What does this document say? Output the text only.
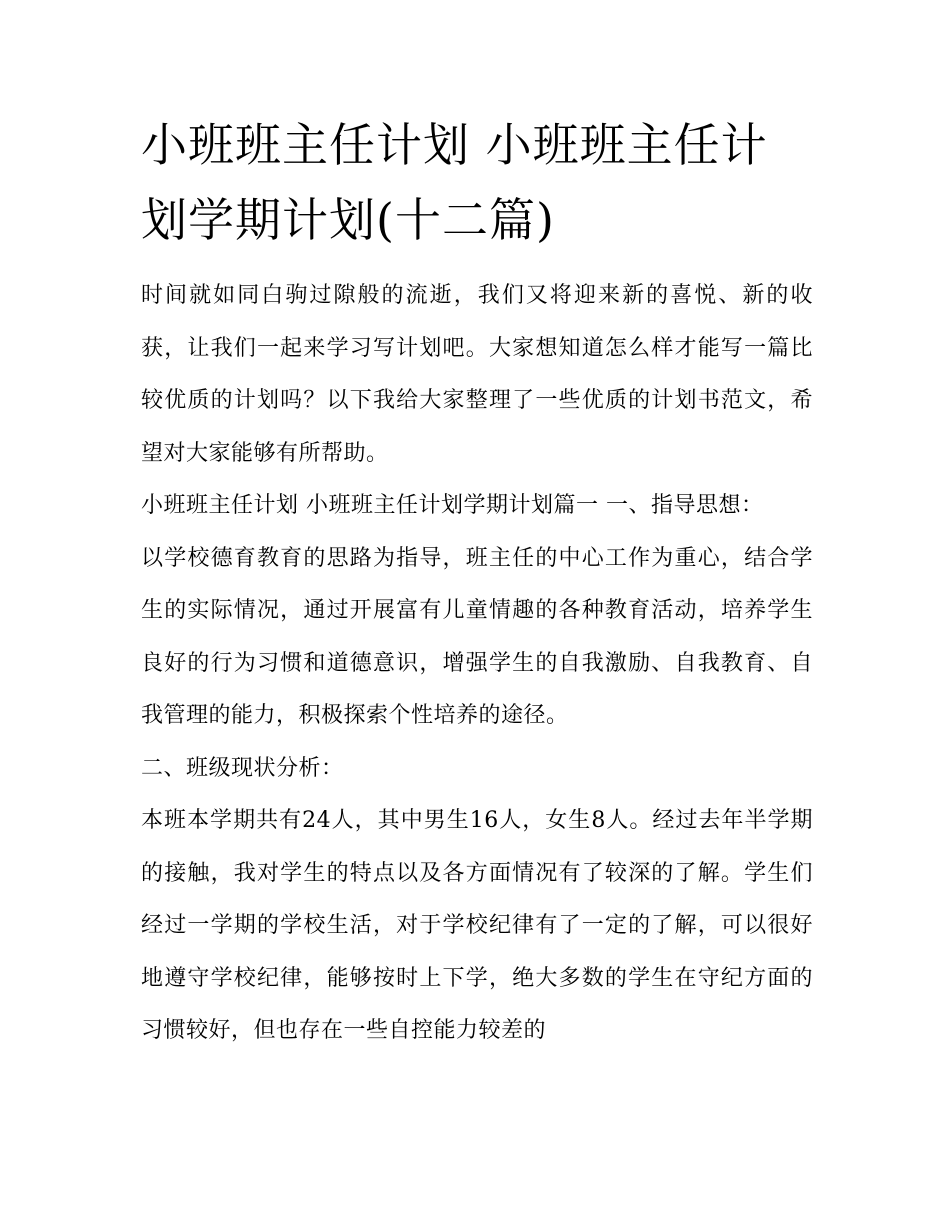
小班班主任计划 小班班主任计划学期计划(十二篇)

时间就如同白驹过隙般的流逝，我们又将迎来新的喜悦、新的收获，让我们一起来学习写计划吧。大家想知道怎么样才能写一篇比较优质的计划吗？以下我给大家整理了一些优质的计划书范文，希望对大家能够有所帮助。

小班班主任计划 小班班主任计划学期计划篇一 一、指导思想：

以学校德育教育的思路为指导，班主任的中心工作为重心，结合学生的实际情况，通过开展富有儿童情趣的各种教育活动，培养学生良好的行为习惯和道德意识，增强学生的自我激励、自我教育、自我管理的能力，积极探索个性培养的途径。

二、班级现状分析：

本班本学期共有24人，其中男生16人，女生8人。经过去年半学期的接触，我对学生的特点以及各方面情况有了较深的了解。学生们经过一学期的学校生活，对于学校纪律有了一定的了解，可以很好地遵守学校纪律，能够按时上下学，绝大多数的学生在守纪方面的习惯较好，但也存在一些自控能力较差的
